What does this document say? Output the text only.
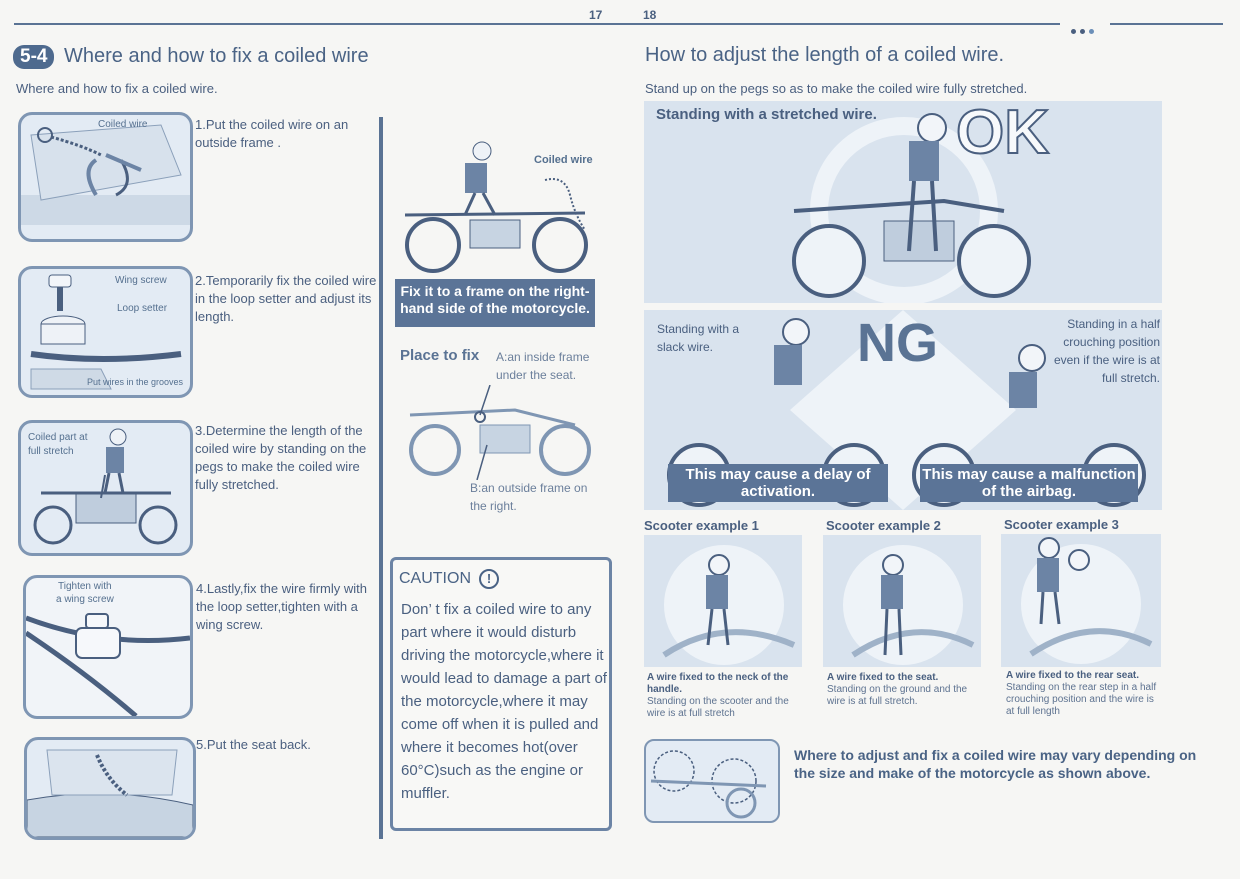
17	18
5-4 Where and how to fix a coiled wire
Where and how to fix a coiled wire.
Coiled wire	1.Put the coiled wire on an outside frame .
Wing screw
Loop setter
Put wires in the grooves
2.Temporarily fix the coiled wire in the loop setter and adjust its length.
Coiled part at
full stretch
3.Determine the length of the coiled wire by standing on the pegs to make the coiled wire fully stretched.
Tighten with
a wing screw
4.Lastly,fix the wire firmly with the loop setter,tighten with a wing screw.
5.Put the seat back.
Coiled wire
Fix it to a frame on the right-hand side of the motorcycle.
Place to fix A:an inside frame under the seat.
B:an outside frame on the right.
CAUTION	!
Don’ t fix a coiled wire to any part where it would disturb driving the motorcycle,where it would lead to damage a part of the motorcycle,where it may come off when it is pulled and where it becomes hot(over 60°C)such as the engine or muffler.
How to adjust the length of a coiled wire.
Stand up on the pegs so as to make the coiled wire fully stretched.
Standing with a stretched wire. OK
NG
Standing with a slack wire.
Standing in a half crouching position even if the wire is at full stretch.
This may cause a delay of activation.
This may cause a malfunction of the airbag.
Scooter example 1
A wire fixed to the neck of the handle.
Standing on the scooter and the wire is at full stretch
Scooter example 2
A wire fixed to the seat.
Standing on the ground and the wire is at full stretch.
Scooter example 3
A wire fixed to the rear seat.
Standing on the rear step in a half crouching position and the wire is at full length
Where to adjust and fix a coiled wire may vary depending on the size and make of the motorcycle as shown above.
